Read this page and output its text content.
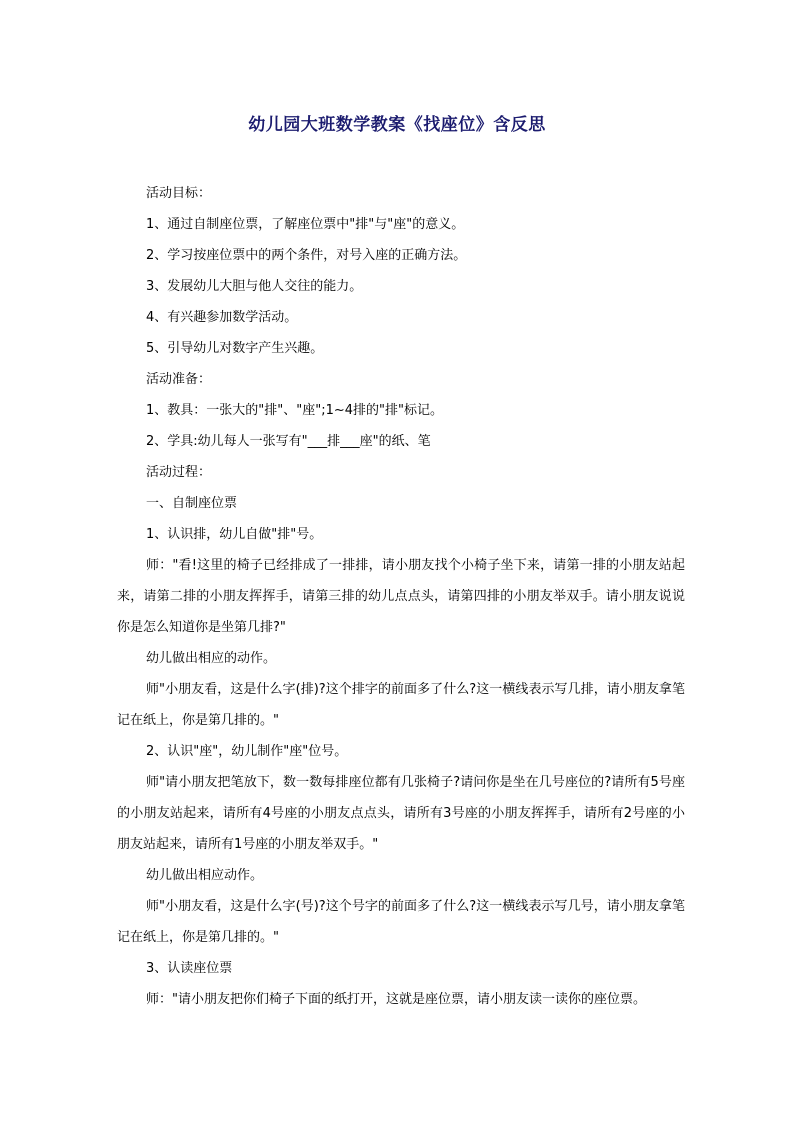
幼儿园大班数学教案《找座位》含反思

活动目标：

1、通过自制座位票，了解座位票中"排"与"座"的意义。

2、学习按座位票中的两个条件，对号入座的正确方法。

3、发展幼儿大胆与他人交往的能力。

4、有兴趣参加数学活动。

5、引导幼儿对数字产生兴趣。

活动准备：

1、教具：一张大的"排"、"座";1~4排的"排"标记。

2、学具:幼儿每人一张写有"___排___座"的纸、笔

活动过程：

一、自制座位票

1、认识排，幼儿自做"排"号。

师："看!这里的椅子已经排成了一排排，请小朋友找个小椅子坐下来，请第一排的小朋友站起来，请第二排的小朋友挥挥手，请第三排的幼儿点点头，请第四排的小朋友举双手。请小朋友说说你是怎么知道你是坐第几排?"

幼儿做出相应的动作。

师"小朋友看，这是什么字(排)?这个排字的前面多了什么?这一横线表示写几排，请小朋友拿笔记在纸上，你是第几排的。"

2、认识"座"，幼儿制作"座"位号。

师"请小朋友把笔放下，数一数每排座位都有几张椅子?请问你是坐在几号座位的?请所有5号座的小朋友站起来，请所有4号座的小朋友点点头，请所有3号座的小朋友挥挥手，请所有2号座的小朋友站起来，请所有1号座的小朋友举双手。"

幼儿做出相应动作。

师"小朋友看，这是什么字(号)?这个号字的前面多了什么?这一横线表示写几号，请小朋友拿笔记在纸上，你是第几排的。"

3、认读座位票

师："请小朋友把你们椅子下面的纸打开，这就是座位票，请小朋友读一读你的座位票。
